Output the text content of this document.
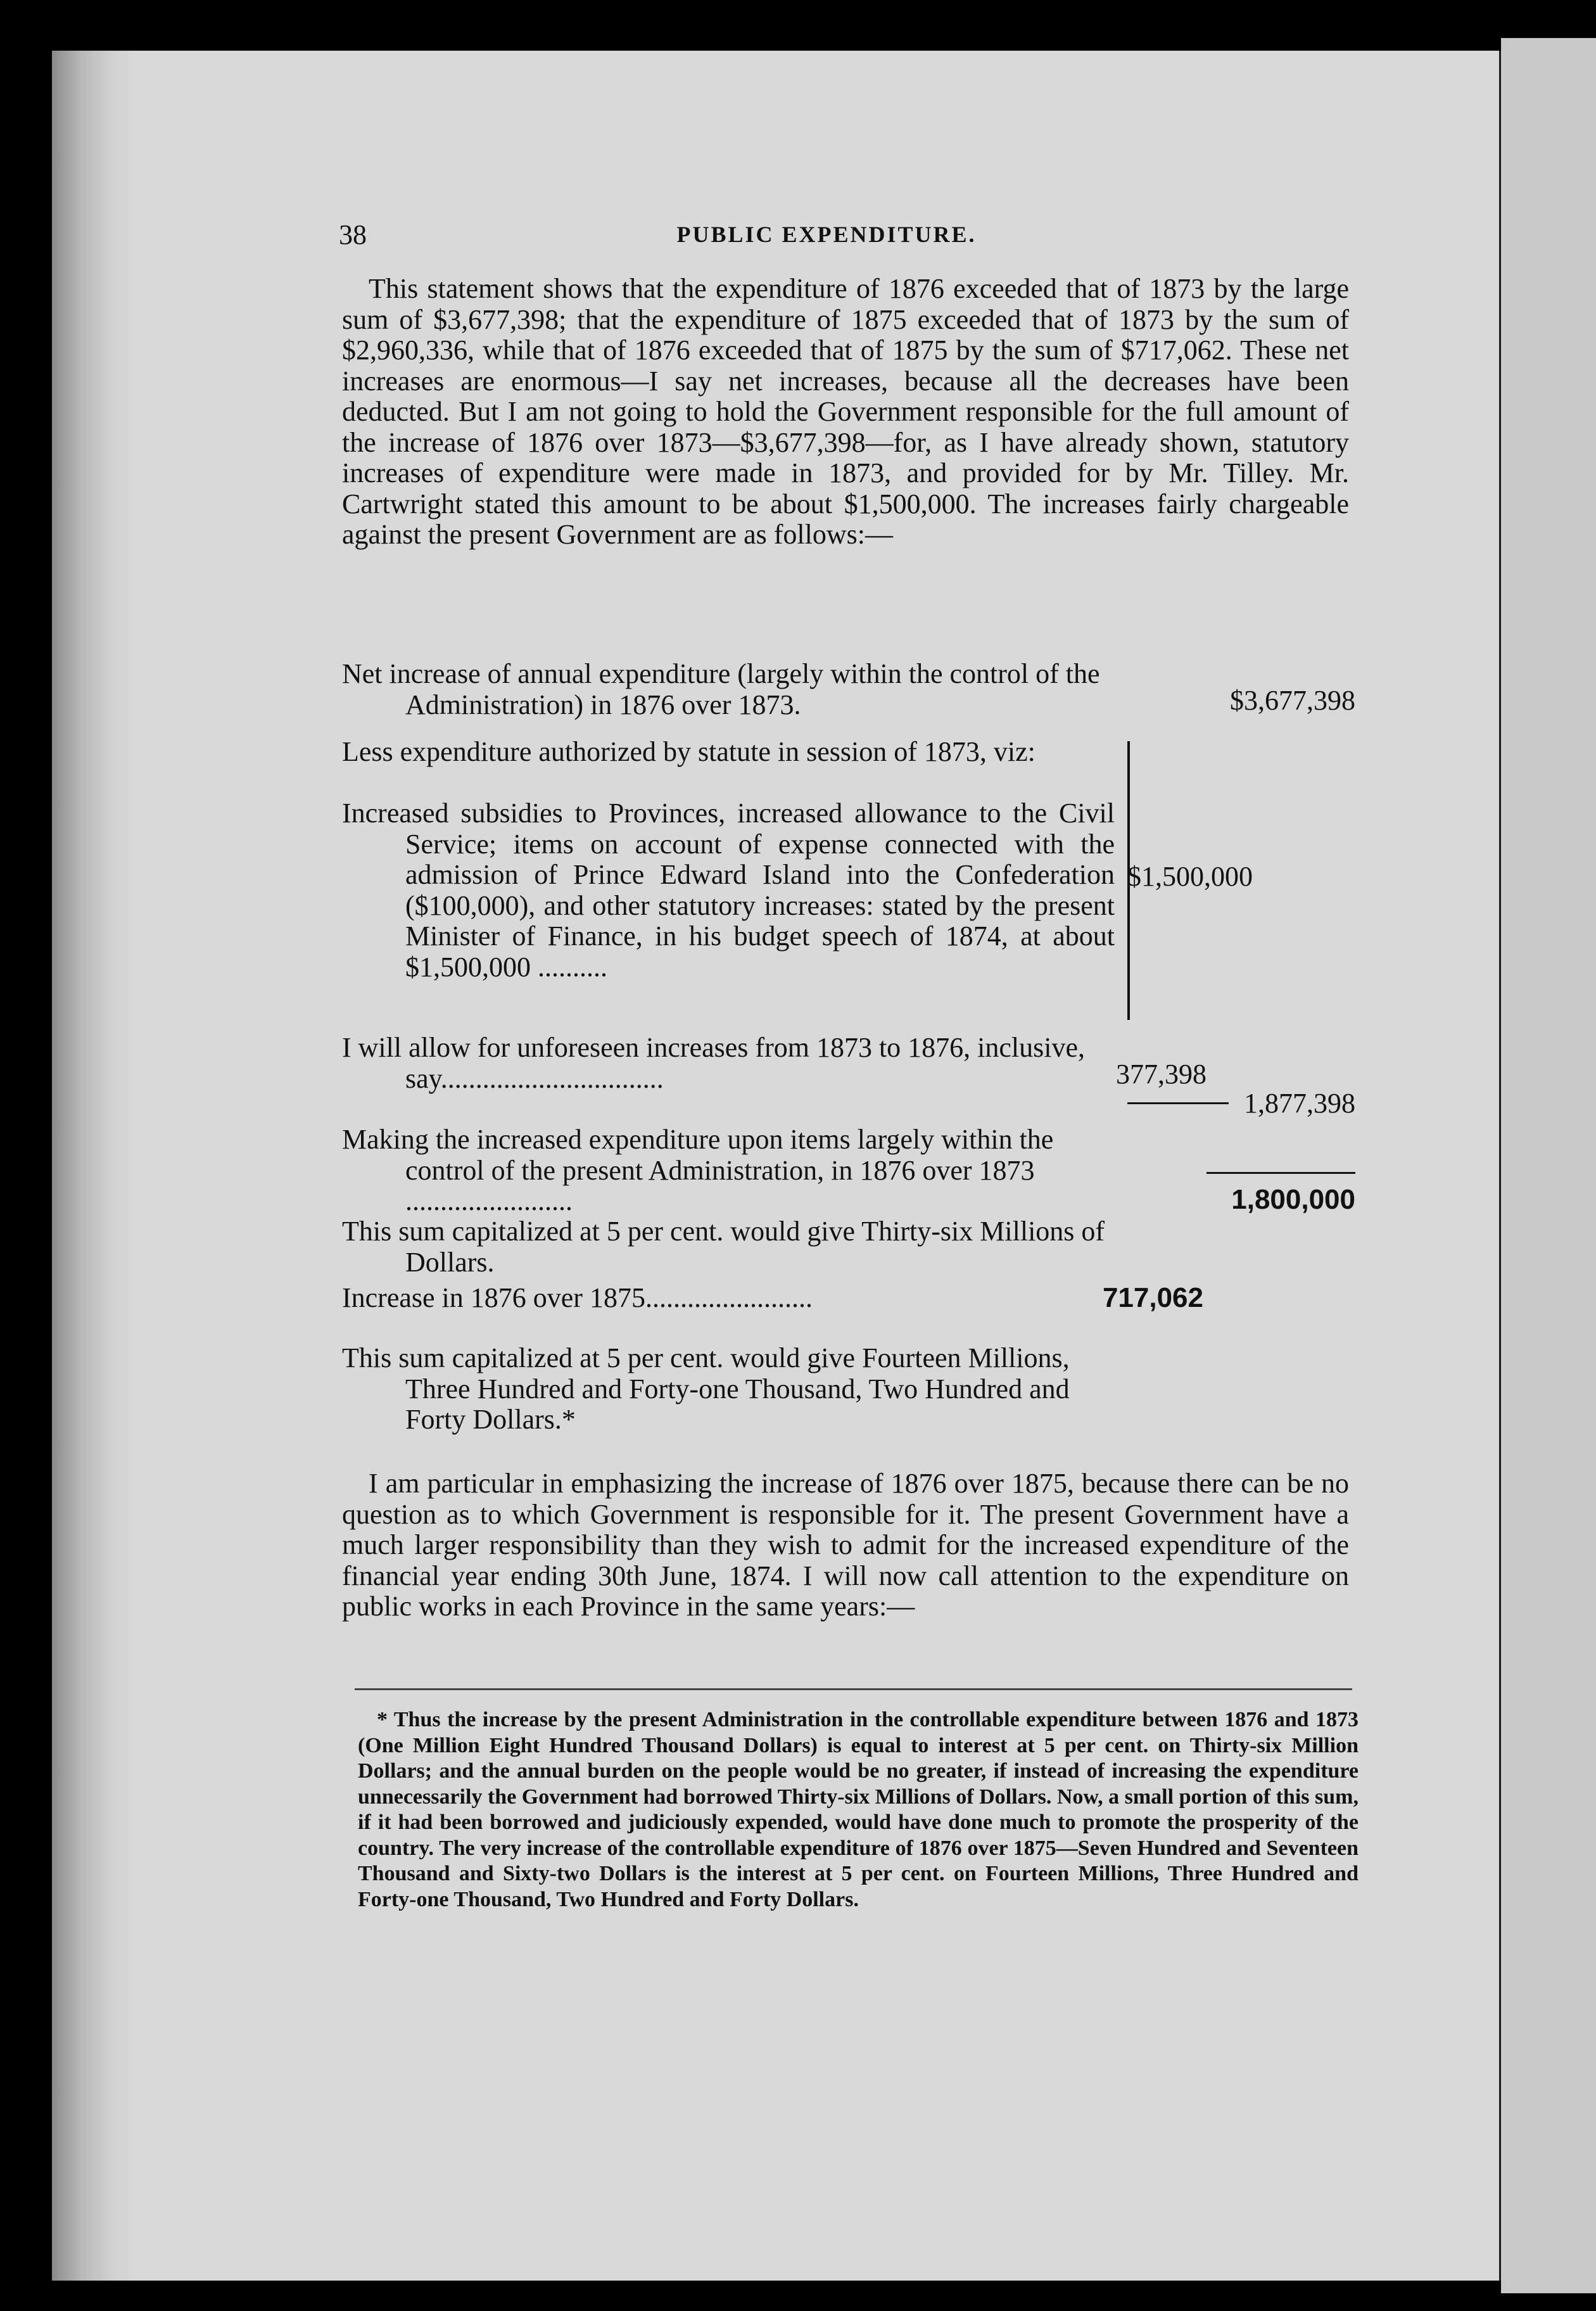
38	PUBLIC EXPENDITURE.
This statement shows that the expenditure of 1876 exceeded that of 1873 by the large sum of $3,677,398; that the expenditure of 1875 exceeded that of 1873 by the sum of $2,960,336, while that of 1876 exceeded that of 1875 by the sum of $717,062. These net increases are enormous—I say net increases, because all the decreases have been deducted. But I am not going to hold the Government responsible for the full amount of the increase of 1876 over 1873—$3,677,398—for, as I have already shown, statutory increases of expenditure were made in 1873, and provided for by Mr. Tilley. Mr. Cartwright stated this amount to be about $1,500,000. The increases fairly chargeable against the present Government are as follows:—
Net increase of annual expenditure (largely within the control of the Administration) in 1876 over 1873.	$3,677,398
Less expenditure authorized by statute in session of 1873, viz:
Increased subsidies to Provinces, increased allowance to the Civil Service; items on account of expense connected with the admission of Prince Edward Island into the Confederation ($100,000), and other statutory increases: stated by the present Minister of Finance, in his budget speech of 1874, at about $1,500,000 ..........
$1,500,000
I will allow for unforeseen increases from 1873 to 1876, inclusive, say................................	377,398
1,877,398
Making the increased expenditure upon items largely within the control of the present Administration, in 1876 over 1873 ........................	1,800,000
This sum capitalized at 5 per cent. would give Thirty-six Millions of Dollars.
Increase in 1876 over 1875........................	717,062
This sum capitalized at 5 per cent. would give Fourteen Millions, Three Hundred and Forty-one Thousand, Two Hundred and Forty Dollars.*
I am particular in emphasizing the increase of 1876 over 1875, because there can be no question as to which Government is responsible for it. The present Government have a much larger responsibility than they wish to admit for the increased expenditure of the financial year ending 30th June, 1874. I will now call attention to the expenditure on public works in each Province in the same years:—
* Thus the increase by the present Administration in the controllable expenditure between 1876 and 1873 (One Million Eight Hundred Thousand Dollars) is equal to interest at 5 per cent. on Thirty-six Million Dollars; and the annual burden on the people would be no greater, if instead of increasing the expenditure unnecessarily the Government had borrowed Thirty-six Millions of Dollars. Now, a small portion of this sum, if it had been borrowed and judiciously expended, would have done much to promote the prosperity of the country. The very increase of the controllable expenditure of 1876 over 1875—Seven Hundred and Seventeen Thousand and Sixty-two Dollars is the interest at 5 per cent. on Fourteen Millions, Three Hundred and Forty-one Thousand, Two Hundred and Forty Dollars.
